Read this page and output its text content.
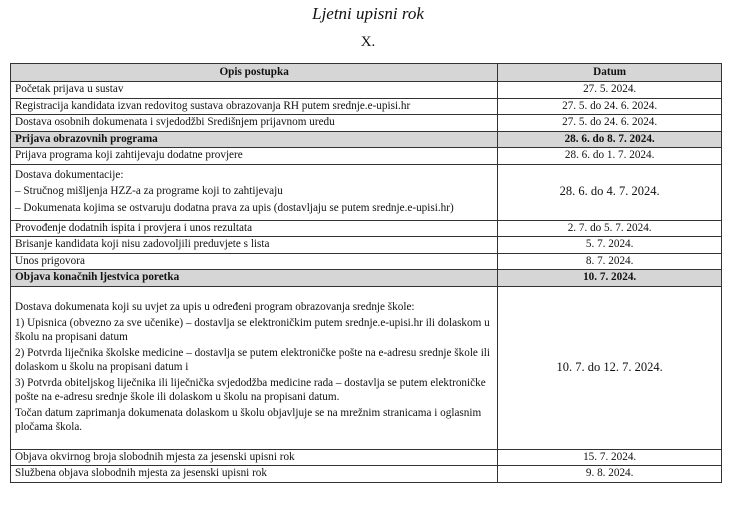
Ljetni upisni rok
X.
Opis postupka	Datum

Početak prijava u sustav	27. 5. 2024.

Registracija kandidata izvan redovitog sustava obrazovanja RH putem srednje.e-upisi.hr	27. 5. do 24. 6. 2024.

Dostava osobnih dokumenata i svjedodžbi Središnjem prijavnom uredu	27. 5. do 24. 6. 2024.

Prijava obrazovnih programa	28. 6. do 8. 7. 2024.

Prijava programa koji zahtijevaju dodatne provjere	28. 6. do 1. 7. 2024.

Dostava dokumentacije:
– Stručnog mišljenja HZZ-a za programe koji to zahtijevaju
– Dokumenata kojima se ostvaruju dodatna prava za upis (dostavljaju se putem srednje.e-upisi.hr)	28. 6. do 4. 7. 2024.

Provođenje dodatnih ispita i provjera i unos rezultata	2. 7. do 5. 7. 2024.

Brisanje kandidata koji nisu zadovoljili preduvjete s lista	5. 7. 2024.

Unos prigovora	8. 7. 2024.

Objava konačnih ljestvica poretka	10. 7. 2024.

Dostava dokumenata koji su uvjet za upis u određeni program obrazovanja srednje škole:
1) Upisnica (obvezno za sve učenike) – dostavlja se elektroničkim putem srednje.e-upisi.hr ili dolaskom u školu na propisani datum
2) Potvrda liječnika školske medicine – dostavlja se putem elektroničke pošte na e-adresu srednje škole ili dolaskom u školu na propisani datum i
3) Potvrda obiteljskog liječnika ili liječnička svjedodžba medicine rada – dostavlja se putem elektroničke pošte na e-adresu srednje škole ili dolaskom u školu na propisani datum.
Točan datum zaprimanja dokumenata dolaskom u školu objavljuje se na mrežnim stranicama i oglasnim pločama škola.	10. 7. do 12. 7. 2024.

Objava okvirnog broja slobodnih mjesta za jesenski upisni rok	15. 7. 2024.

Službena objava slobodnih mjesta za jesenski upisni rok	9. 8. 2024.
